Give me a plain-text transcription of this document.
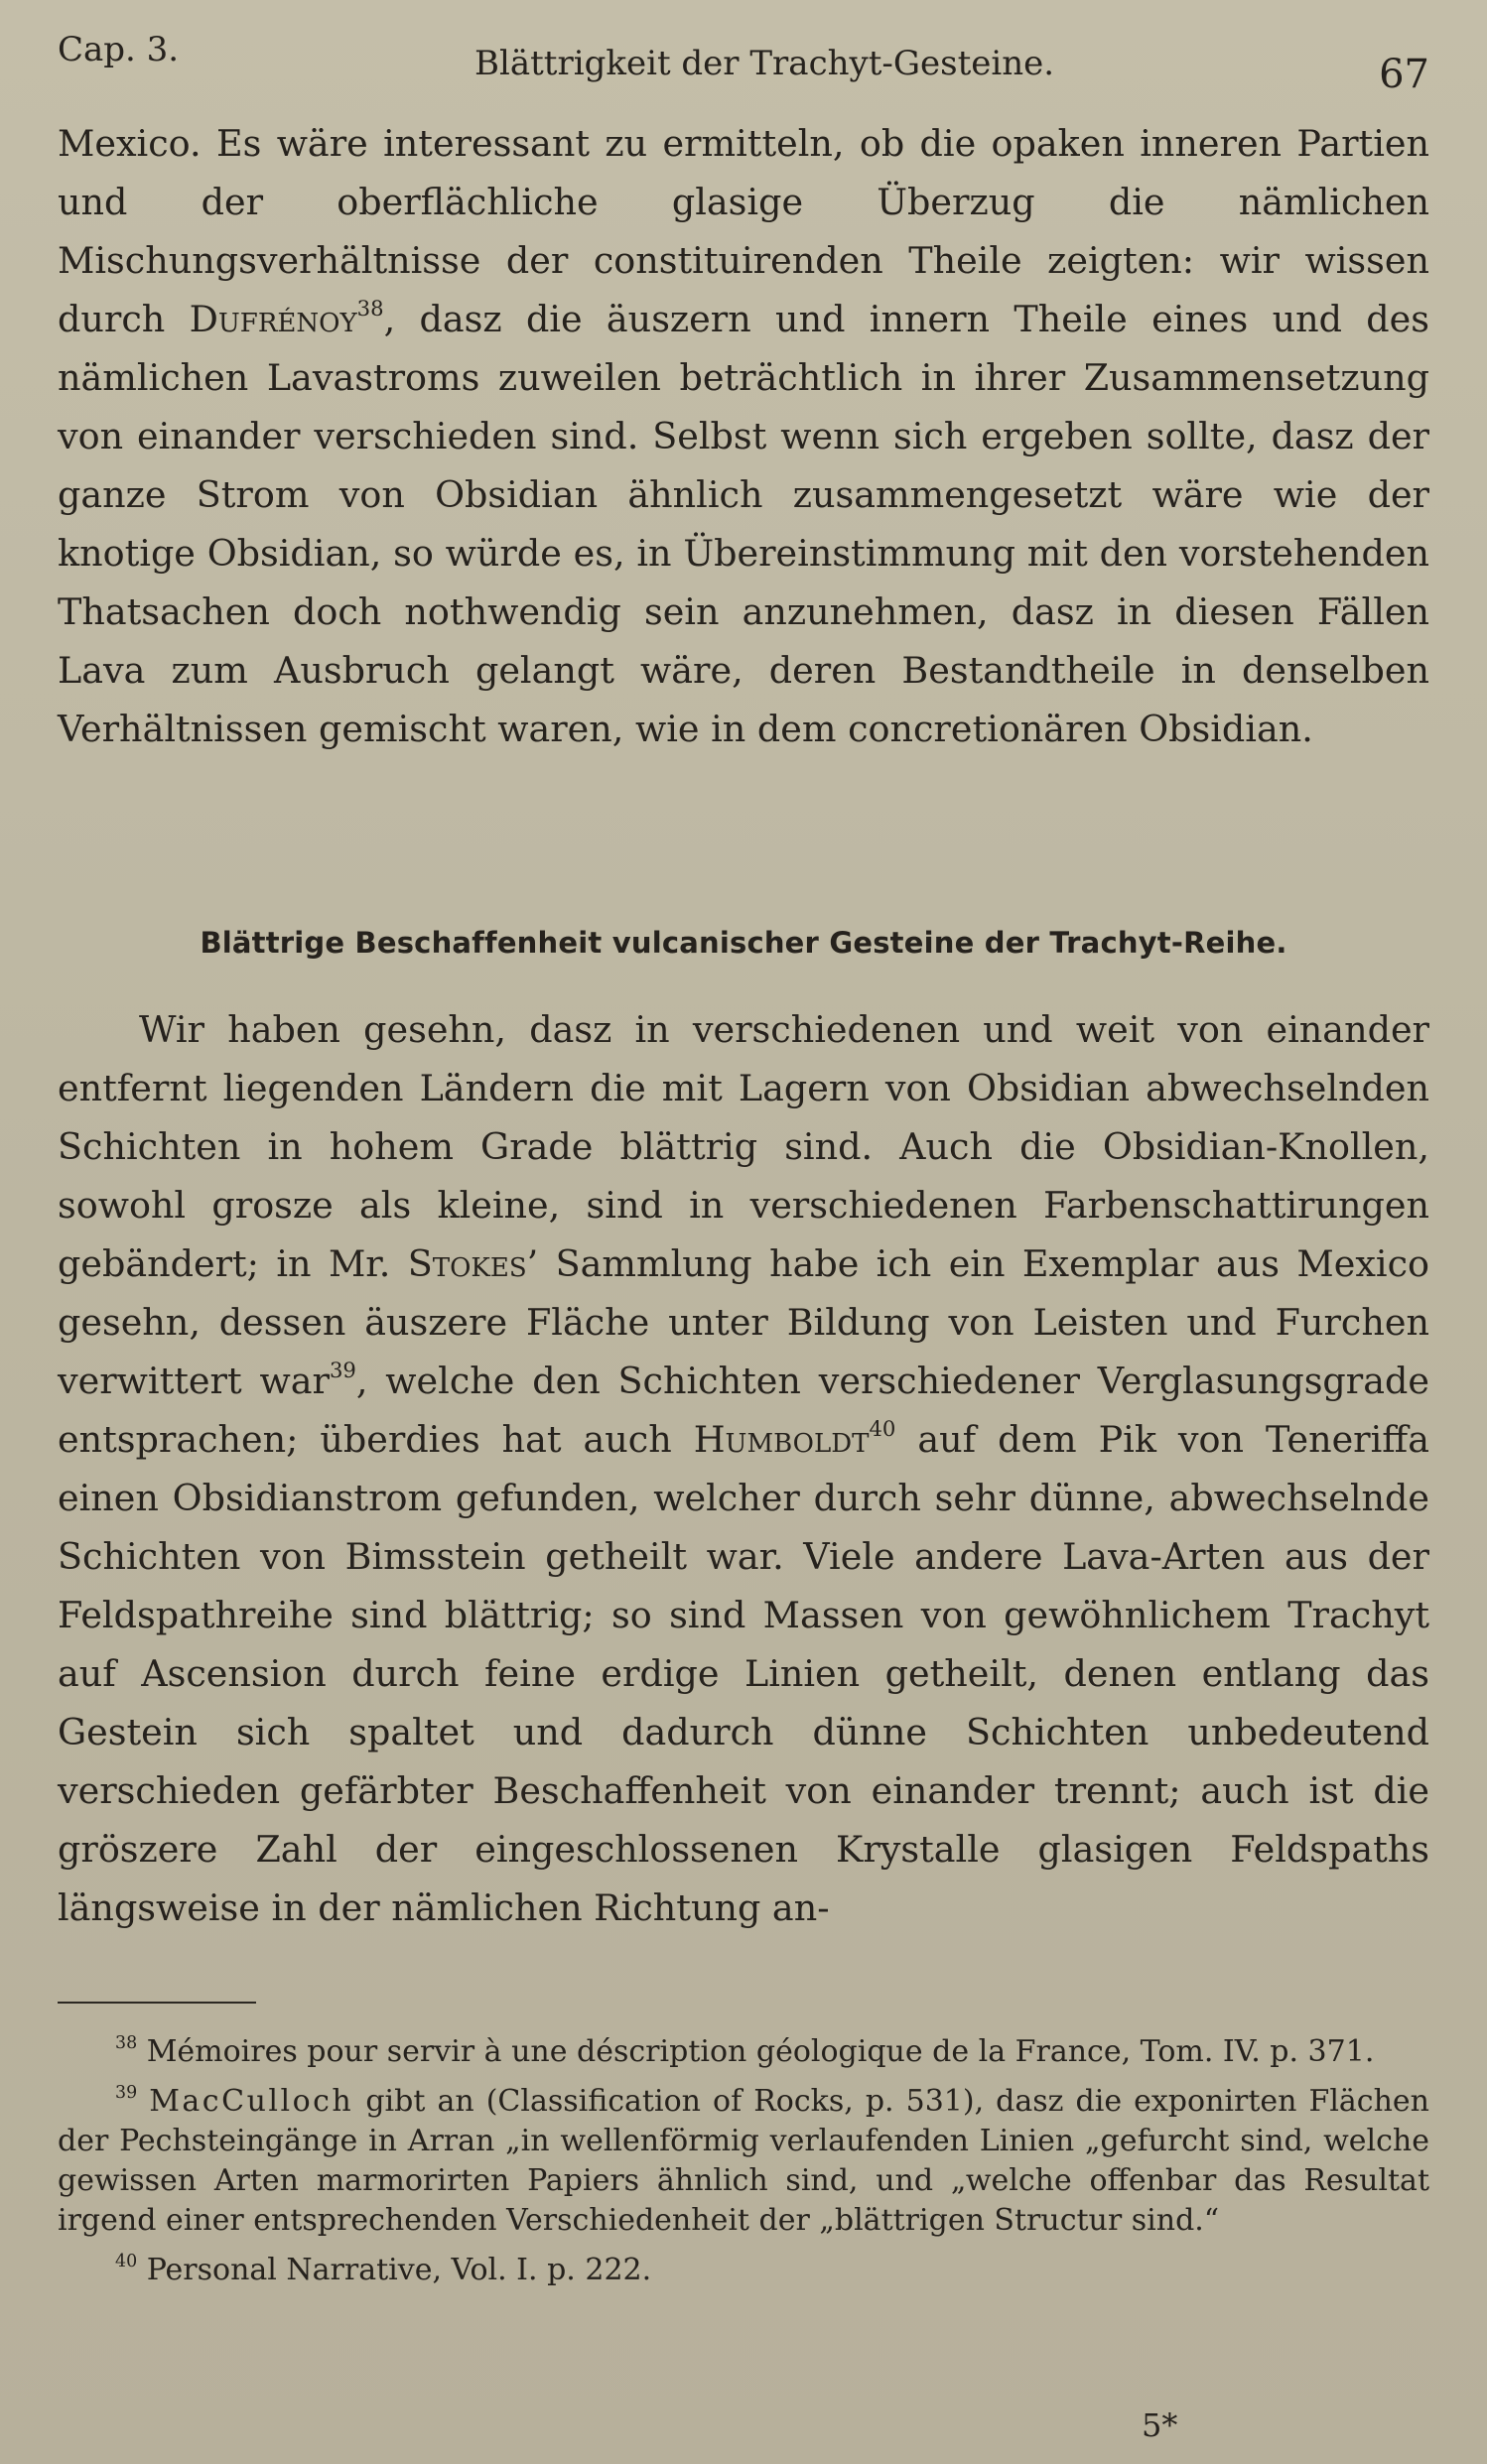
Cap. 3.	Blättrigkeit der Trachyt-Gesteine.	67

Mexico. Es wäre interessant zu ermitteln, ob die opaken inneren Partien und der oberflächliche glasige Überzug die nämlichen Mischungsverhältnisse der constituirenden Theile zeigten: wir wissen durch Dufrénoy$^{38}$, dasz die äuszern und innern Theile eines und des nämlichen Lavastroms zuweilen beträchtlich in ihrer Zusammensetzung von einander verschieden sind. Selbst wenn sich ergeben sollte, dasz der ganze Strom von Obsidian ähnlich zusammengesetzt wäre wie der knotige Obsidian, so würde es, in Übereinstimmung mit den vorstehenden Thatsachen doch nothwendig sein anzunehmen, dasz in diesen Fällen Lava zum Ausbruch gelangt wäre, deren Bestandtheile in denselben Verhältnissen gemischt waren, wie in dem concretionären Obsidian.

Blättrige Beschaffenheit vulcanischer Gesteine der Trachyt-Reihe.

Wir haben gesehn, dasz in verschiedenen und weit von einander entfernt liegenden Ländern die mit Lagern von Obsidian abwechselnden Schichten in hohem Grade blättrig sind. Auch die Obsidian-Knollen, sowohl grosze als kleine, sind in verschiedenen Farbenschattirungen gebändert; in Mr. Stokes’ Sammlung habe ich ein Exemplar aus Mexico gesehn, dessen äuszere Fläche unter Bildung von Leisten und Furchen verwittert war$^{39}$, welche den Schichten verschiedener Verglasungsgrade entsprachen; überdies hat auch Humboldt$^{40}$ auf dem Pik von Teneriffa einen Obsidianstrom gefunden, welcher durch sehr dünne, abwechselnde Schichten von Bimsstein getheilt war. Viele andere Lava-Arten aus der Feldspathreihe sind blättrig; so sind Massen von gewöhnlichem Trachyt auf Ascension durch feine erdige Linien getheilt, denen entlang das Gestein sich spaltet und dadurch dünne Schichten unbedeutend verschieden gefärbter Beschaffenheit von einander trennt; auch ist die gröszere Zahl der eingeschlossenen Krystalle glasigen Feldspaths längsweise in der nämlichen Richtung an-

$^{38}$ Mémoires pour servir à une déscription géologique de la France, Tom. IV. p. 371.

$^{39}$ MacCulloch gibt an (Classification of Rocks, p. 531), dasz die exponirten Flächen der Pechsteingänge in Arran „in wellenförmig verlaufenden Linien „gefurcht sind, welche gewissen Arten marmorirten Papiers ähnlich sind, und „welche offenbar das Resultat irgend einer entsprechenden Verschiedenheit der „blättrigen Structur sind.“

$^{40}$ Personal Narrative, Vol. I. p. 222.

5*
